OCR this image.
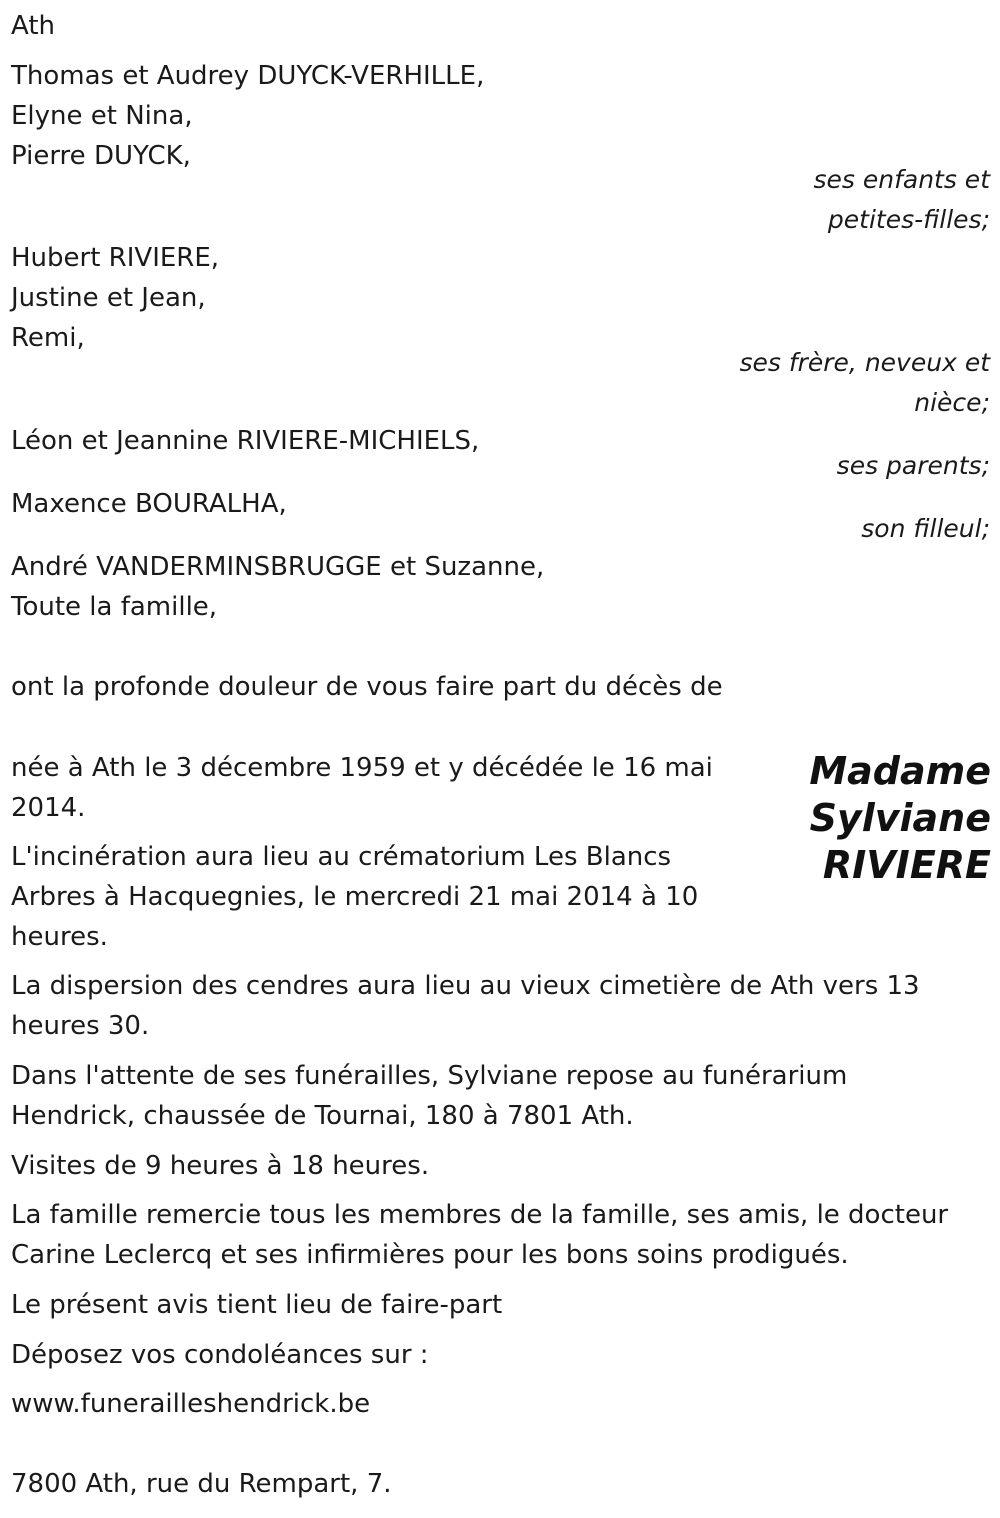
Ath
Thomas et Audrey DUYCK-VERHILLE,
Elyne et Nina,
Pierre DUYCK,
ses enfants et
petites-filles;
Hubert RIVIERE,
Justine et Jean,
Remi,
ses frère, neveux et
nièce;
Léon et Jeannine RIVIERE-MICHIELS,
ses parents;
Maxence BOURALHA,
son filleul;
André VANDERMINSBRUGGE et Suzanne,
Toute la famille,
ont la profonde douleur de vous faire part du décès de
Madame
Sylviane
RIVIERE
née à Ath le 3 décembre 1959 et y décédée le 16 mai
2014.
L'incinération aura lieu au crématorium Les Blancs
Arbres à Hacquegnies, le mercredi 21 mai 2014 à 10
heures.
La dispersion des cendres aura lieu au vieux cimetière de Ath vers 13
heures 30.
Dans l'attente de ses funérailles, Sylviane repose au funérarium
Hendrick, chaussée de Tournai, 180 à 7801 Ath.
Visites de 9 heures à 18 heures.
La famille remercie tous les membres de la famille, ses amis, le docteur
Carine Leclercq et ses infirmières pour les bons soins prodigués.
Le présent avis tient lieu de faire-part
Déposez vos condoléances sur :
www.funerailleshendrick.be
7800 Ath, rue du Rempart, 7.
